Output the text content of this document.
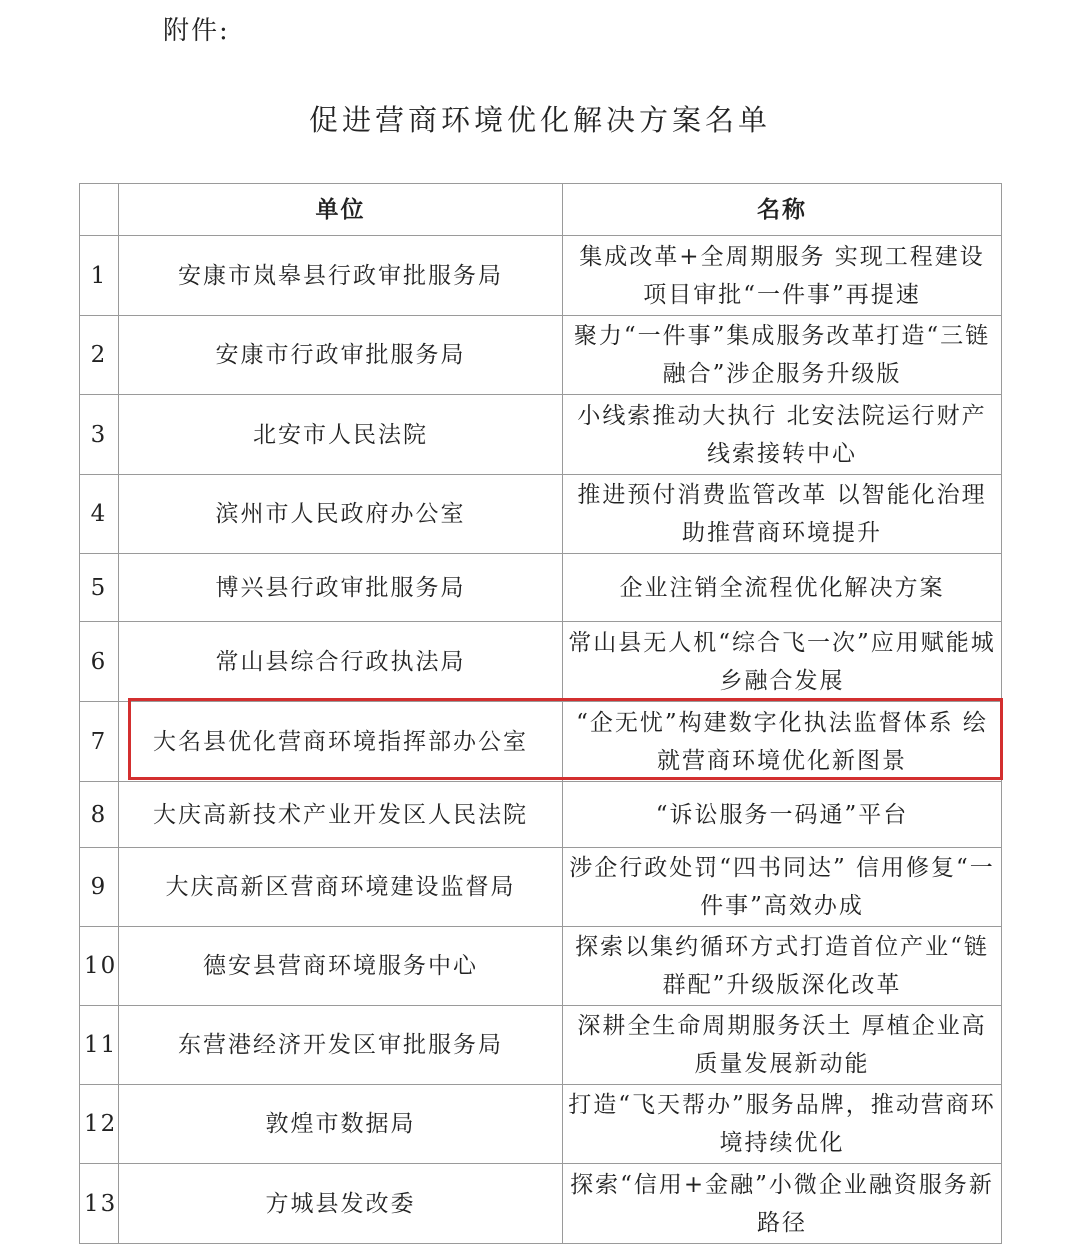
附件:
促进营商环境优化解决方案名单
	单位	名称
1	安康市岚皋县行政审批服务局	集成改革+全周期服务 实现工程建设项目审批“一件事”再提速
2	安康市行政审批服务局	聚力“一件事”集成服务改革打造“三链融合”涉企服务升级版
3	北安市人民法院	小线索推动大执行 北安法院运行财产线索接转中心
4	滨州市人民政府办公室	推进预付消费监管改革 以智能化治理助推营商环境提升
5	博兴县行政审批服务局	企业注销全流程优化解决方案
6	常山县综合行政执法局	常山县无人机“综合飞一次”应用赋能城乡融合发展
7	大名县优化营商环境指挥部办公室	“企无忧”构建数字化执法监督体系 绘就营商环境优化新图景
8	大庆高新技术产业开发区人民法院	“诉讼服务一码通”平台
9	大庆高新区营商环境建设监督局	涉企行政处罚“四书同达” 信用修复“一件事”高效办成
10	德安县营商环境服务中心	探索以集约循环方式打造首位产业“链群配”升级版深化改革
11	东营港经济开发区审批服务局	深耕全生命周期服务沃土 厚植企业高质量发展新动能
12	敦煌市数据局	打造“飞天帮办”服务品牌，推动营商环境持续优化
13	方城县发改委	探索“信用+金融”小微企业融资服务新路径
